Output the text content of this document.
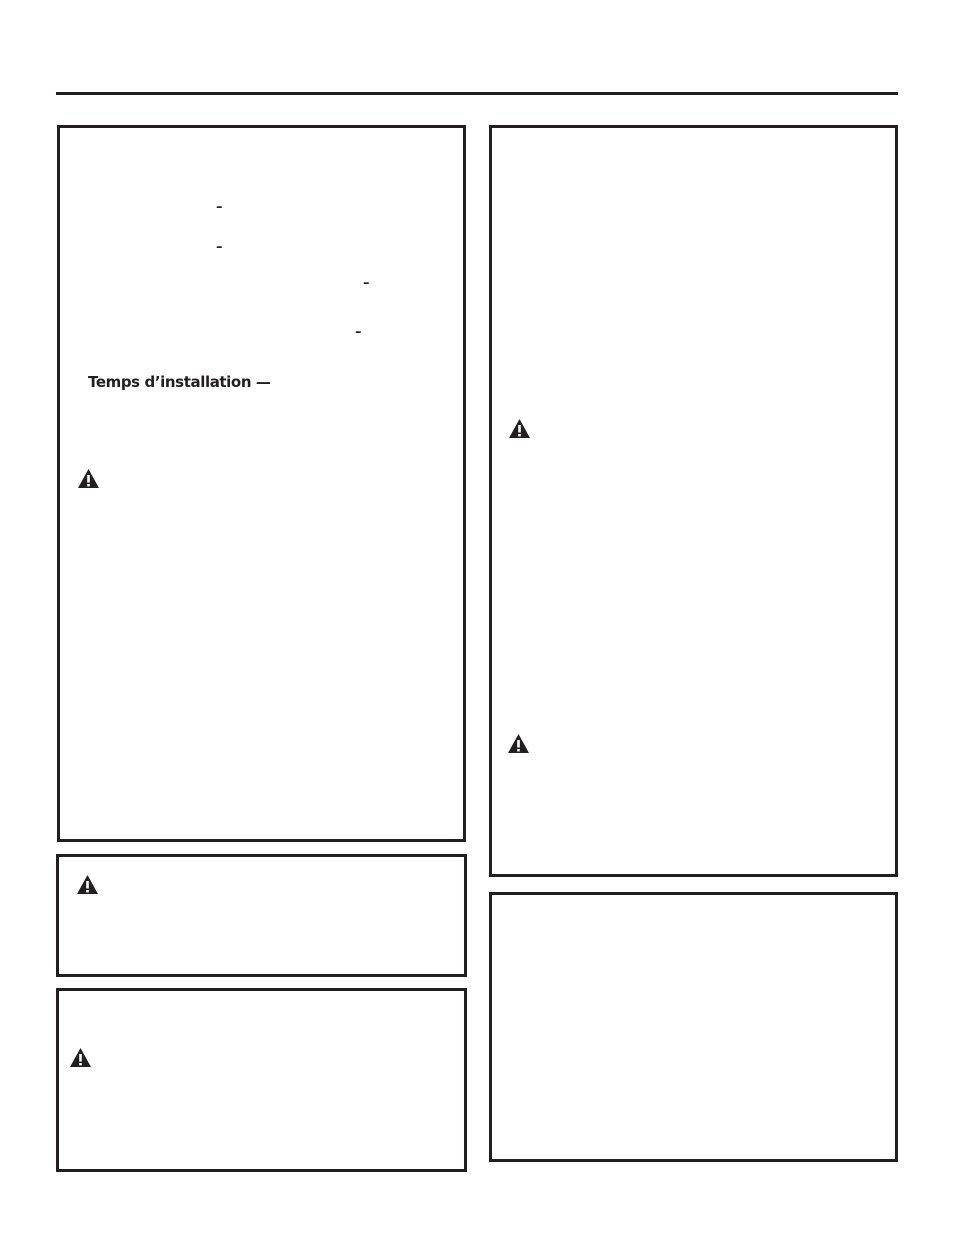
–
–
–
–
Temps d’installation —
